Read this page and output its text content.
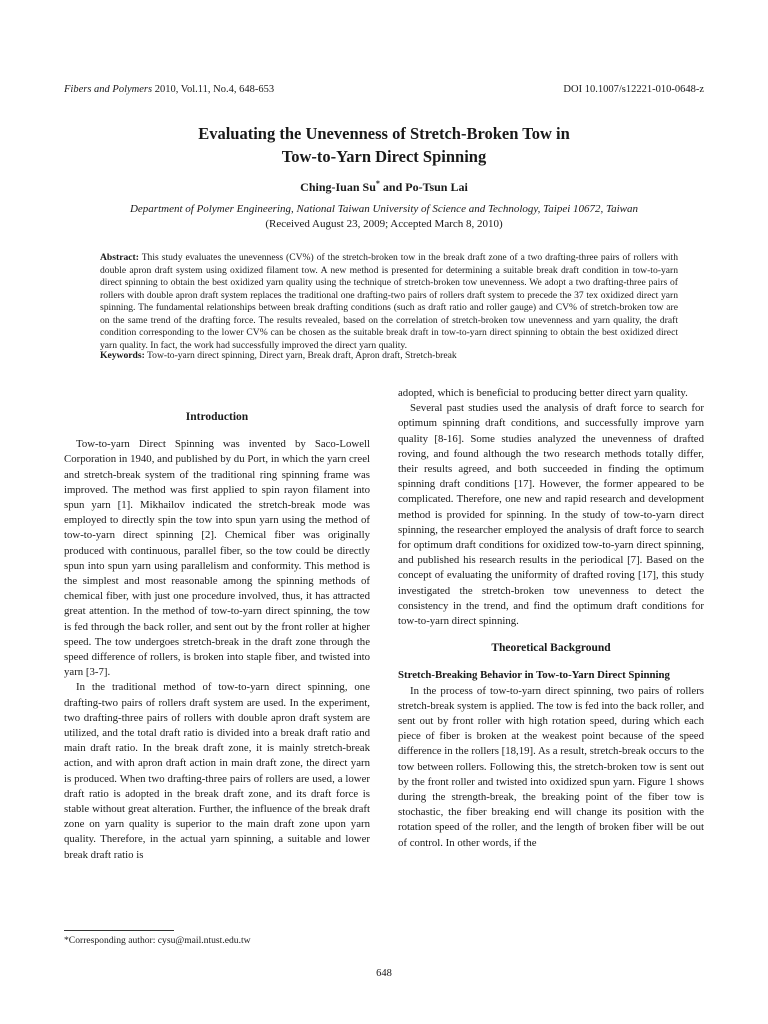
Fibers and Polymers 2010, Vol.11, No.4, 648-653	DOI 10.1007/s12221-010-0648-z
Evaluating the Unevenness of Stretch-Broken Tow in
Tow-to-Yarn Direct Spinning
Ching-Iuan Su* and Po-Tsun Lai
Department of Polymer Engineering, National Taiwan University of Science and Technology, Taipei 10672, Taiwan
(Received August 23, 2009; Accepted March 8, 2010)
Abstract: This study evaluates the unevenness (CV%) of the stretch-broken tow in the break draft zone of a two drafting-three pairs of rollers with double apron draft system using oxidized filament tow. A new method is presented for determining a suitable break draft condition in tow-to-yarn direct spinning to obtain the best oxidized yarn quality using the technique of stretch-broken tow unevenness. We adopt a two drafting-three pairs of rollers with double apron draft system replaces the traditional one drafting-two pairs of rollers draft system to precede the 37 tex oxidized direct yarn spinning. The fundamental relationships between break drafting conditions (such as draft ratio and roller gauge) and CV% of stretch-broken tow are on the same trend of the drafting force. The results revealed, based on the correlation of stretch-broken tow unevenness and yarn quality, the draft condition corresponding to the lower CV% can be chosen as the suitable break draft in tow-to-yarn direct spinning to obtain the best oxidized direct yarn quality. In fact, the work had successfully improved the direct yarn quality.
Keywords: Tow-to-yarn direct spinning, Direct yarn, Break draft, Apron draft, Stretch-break
Introduction

Tow-to-yarn Direct Spinning was invented by Saco-Lowell Corporation in 1940, and published by du Port, in which the yarn creel and stretch-break system of the traditional ring spinning frame was improved. The method was first applied to spin rayon filament into spun yarn [1]. Mikhailov indicated the stretch-break mode was employed to directly spin the tow into spun yarn using the method of tow-to-yarn direct spinning [2]. Chemical fiber was originally produced with continuous, parallel fiber, so the tow could be directly spun into spun yarn using parallelism and conformity. This method is the simplest and most reasonable among the spinning methods of chemical fiber, with just one procedure involved, thus, it has attracted great attention. In the method of tow-to-yarn direct spinning, the tow is fed through the back roller, and sent out by the front roller at higher speed. The tow undergoes stretch-break in the draft zone through the speed difference of rollers, is broken into staple fiber, and twisted into yarn [3-7].

In the traditional method of tow-to-yarn direct spinning, one drafting-two pairs of rollers draft system are used. In the experiment, two drafting-three pairs of rollers with double apron draft system are utilized, and the total draft ratio is divided into a break draft ratio and main draft ratio. In the break draft zone, it is mainly stretch-break action, and with apron draft action in main draft zone, the direct yarn is produced. When two drafting-three pairs of rollers are used, a lower draft ratio is adopted in the break draft zone, and its draft force is stable without great alteration. Further, the influence of the break draft zone on yarn quality is superior to the main draft zone upon yarn quality. Therefore, in the actual yarn spinning, a suitable and lower break draft ratio is

adopted, which is beneficial to producing better direct yarn quality.

Several past studies used the analysis of draft force to search for optimum spinning draft conditions, and successfully improve yarn quality [8-16]. Some studies analyzed the unevenness of drafted roving, and found although the two research methods totally differ, their results agreed, and both succeeded in finding the optimum spinning draft conditions [17]. However, the former appeared to be complicated. Therefore, one new and rapid research and development method is provided for spinning. In the study of tow-to-yarn direct spinning, the researcher employed the analysis of draft force to search for optimum draft conditions for oxidized tow-to-yarn direct spinning, and published his research results in the periodical [7]. Based on the concept of evaluating the uniformity of drafted roving [17], this study investigated the stretch-broken tow unevenness to detect the consistency in the trend, and find the optimum draft conditions for tow-to-yarn direct spinning.

Theoretical Background
Stretch-Breaking Behavior in Tow-to-Yarn Direct Spinning

In the process of tow-to-yarn direct spinning, two pairs of rollers stretch-break system is applied. The tow is fed into the back roller, and sent out by front roller with high rotation speed, during which each piece of fiber is broken at the weakest point because of the speed difference in the rollers [18,19]. As a result, stretch-break occurs to the tow between rollers. Following this, the stretch-broken tow is sent out by the front roller and twisted into oxidized spun yarn. Figure 1 shows during the strength-break, the breaking point of the fiber tow is stochastic, the fiber breaking end will change its position with the rotation speed of the roller, and the length of broken fiber will be out of control. In other words, if the

*Corresponding author: cysu@mail.ntust.edu.tw
648
